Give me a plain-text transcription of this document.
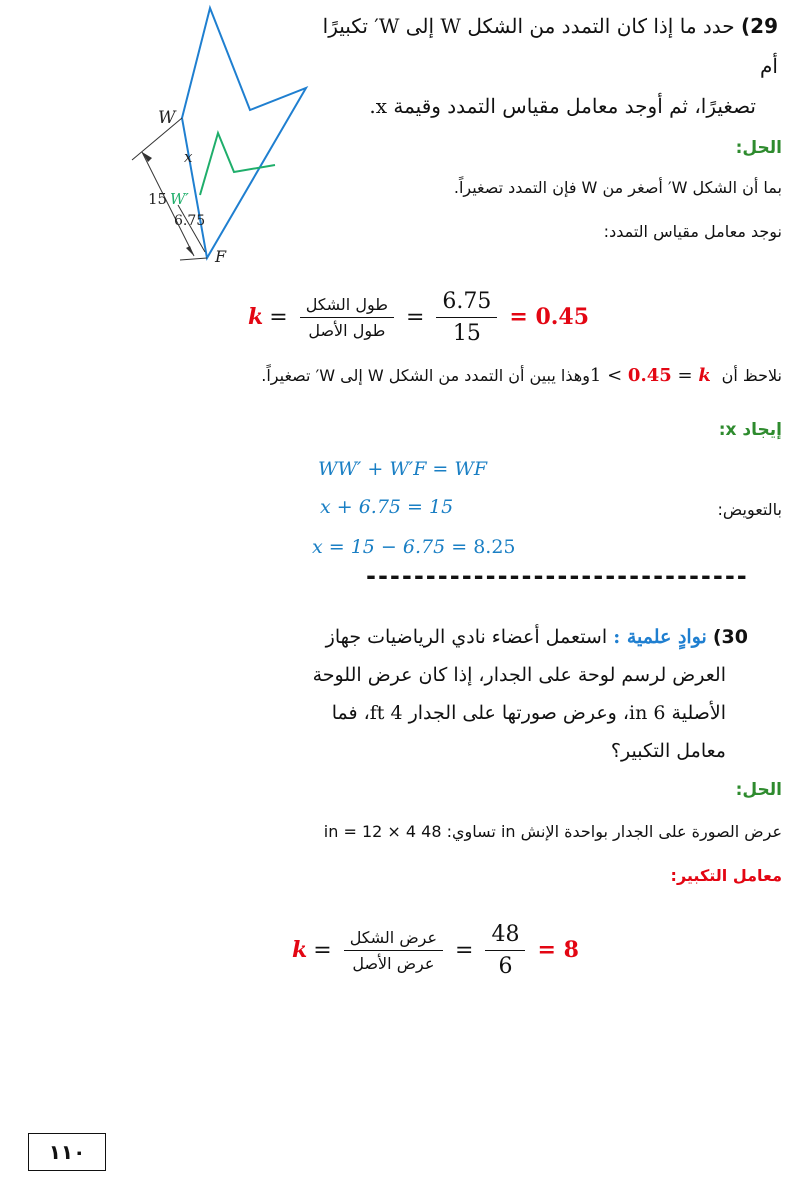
29) حدد ما إذا كان التمدد من الشكل W إلى W′ تكبيرًا أم
تصغيرًا، ثم أوجد معامل مقياس التمدد وقيمة x.
W
x
15 W′
6.75
F
الحل:
بما أن الشكل W′ أصغر من W فإن التمدد تصغيراً.
نوجد معامل مقياس التمدد:
$k = \frac{\text{طول الشكل}}{\text{طول الأصل}} = \frac{6.75}{15} = 0.45$
نلاحظ أن 1 < 0.45 = k وهذا يبين أن التمدد من الشكل W إلى W′ تصغيراً.
إيجاد x:
WW′ + W′F = WF
x + 6.75 = 15	بالتعويض:
x = 15 − 6.75 = 8.25
--------------------------------
30) نوادٍ علمية : استعمل أعضاء نادي الرياضيات جهاز
العرض لرسم لوحة على الجدار، إذا كان عرض اللوحة
الأصلية 6 in، وعرض صورتها على الجدار 4 ft، فما
معامل التكبير؟
الحل:
عرض الصورة على الجدار بواحدة الإنش in تساوي: 48 in = 12 × 4
معامل التكبير:
$k = \frac{\text{عرض الشكل}}{\text{عرض الأصل}} = \frac{48}{6} = 8$
١١٠
